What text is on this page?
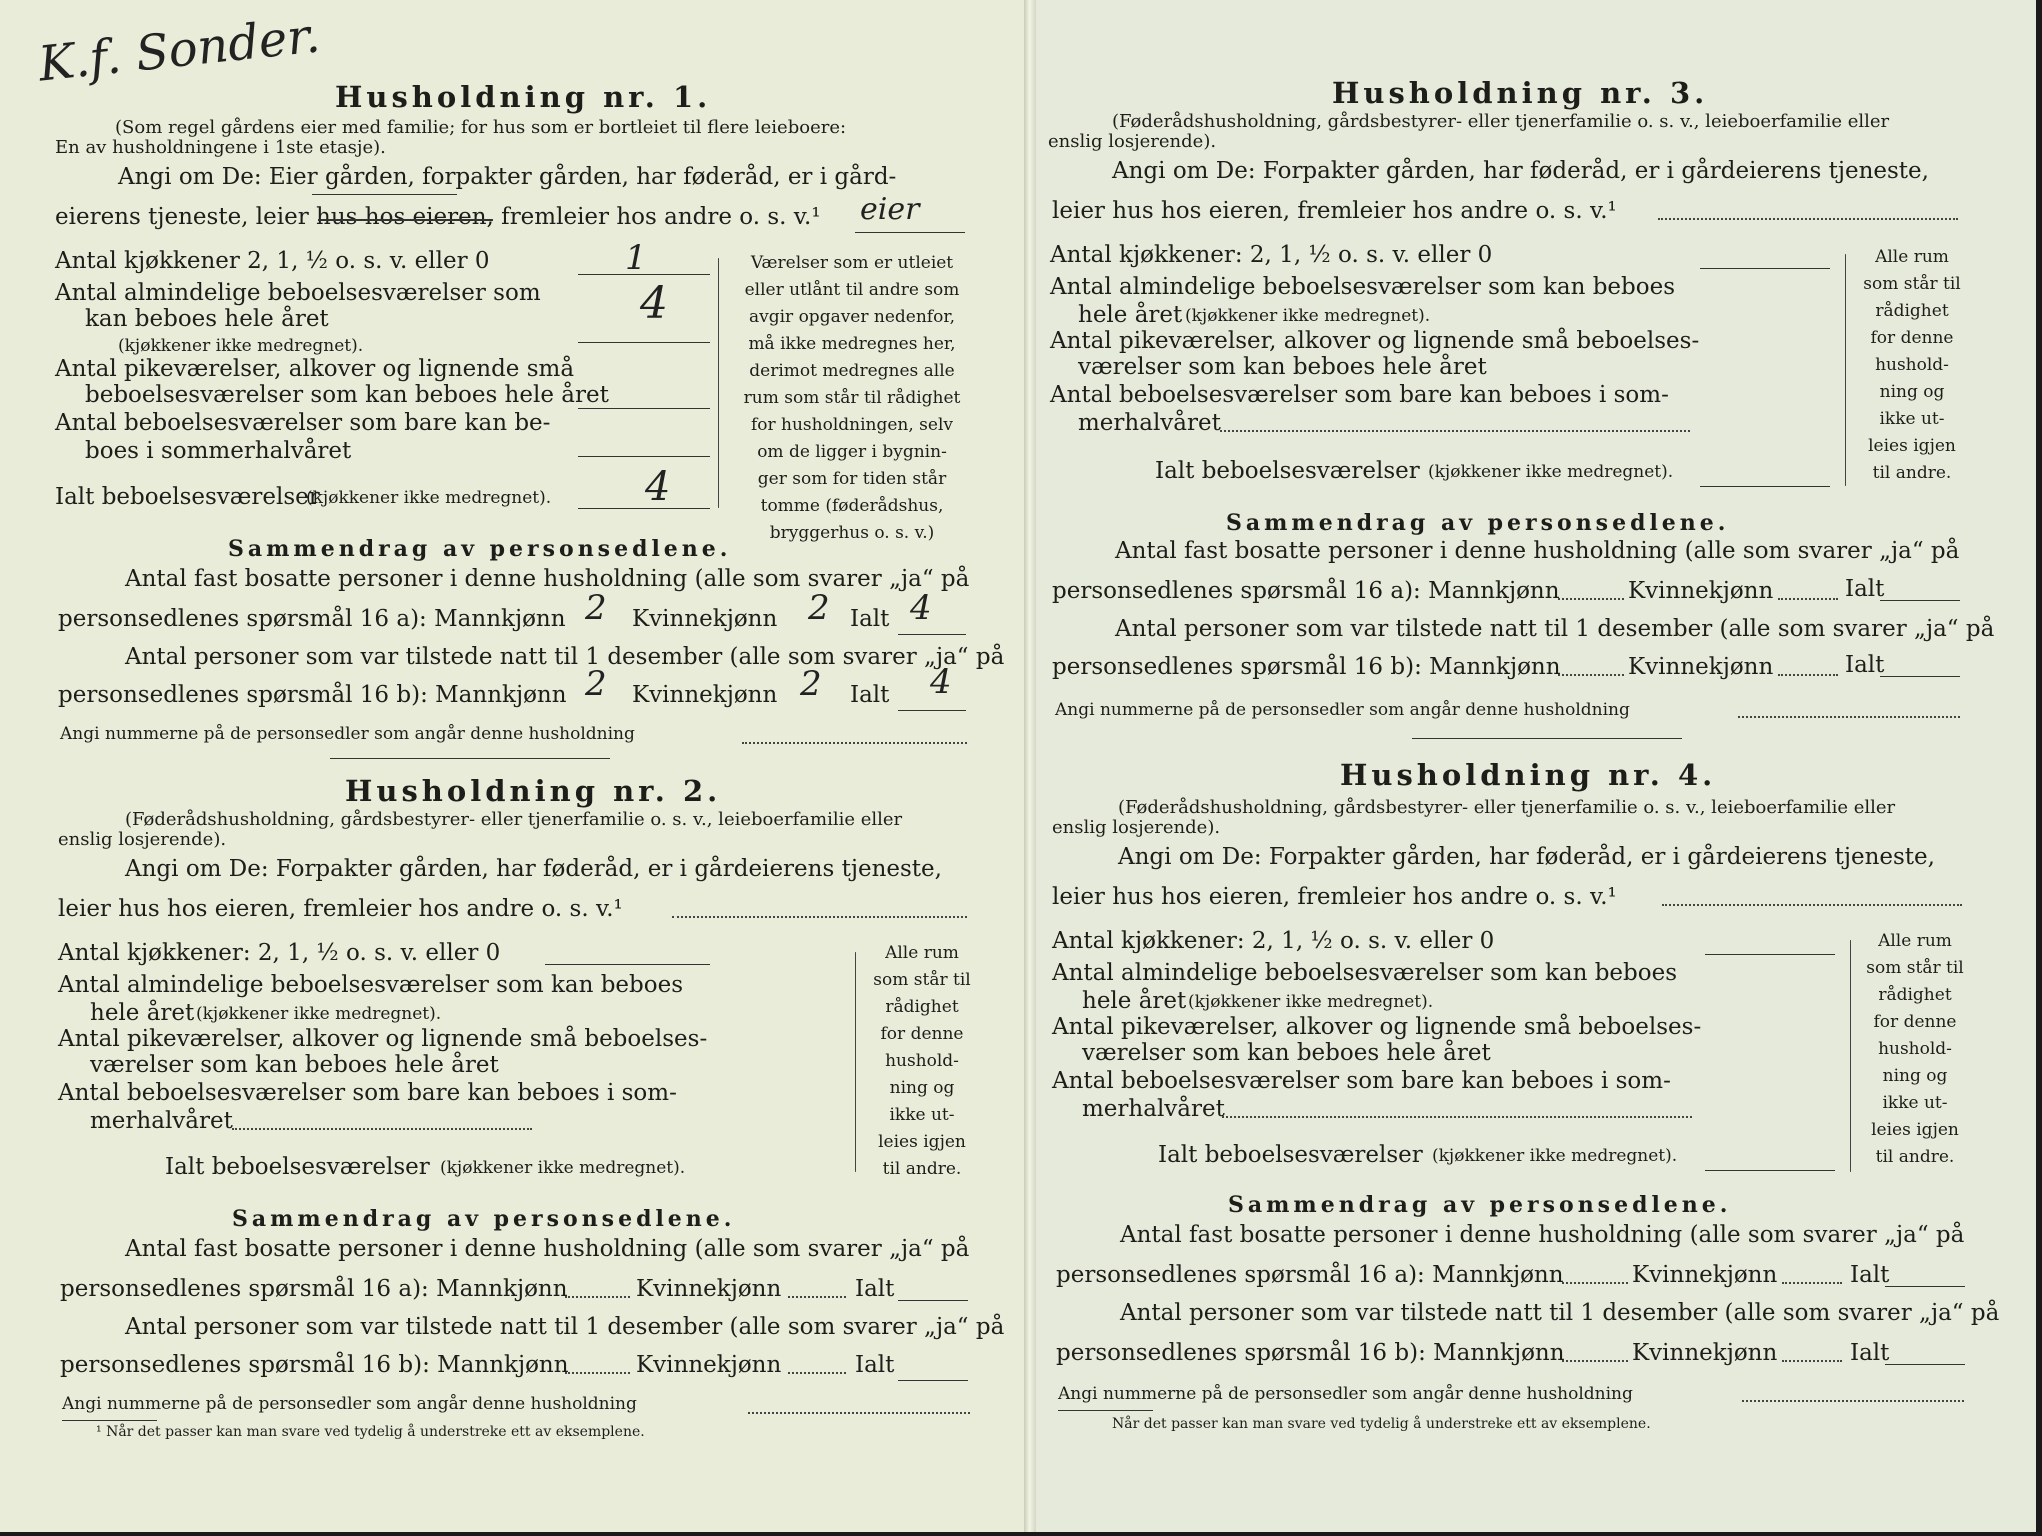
K.f. Sonder.
Husholdning nr. 1.
(Som regel gårdens eier med familie; for hus som er bortleiet til flere leieboere:
En av husholdningene i 1ste etasje).
Angi om De: Eier gården, forpakter gården, har føderåd, er i gård-
eierens tjeneste, leier hus hos eieren, fremleier hos andre o. s. v.¹ eier
Antal kjøkkener 2, 1, ½ o. s. v. eller 0	1
Antal almindelige beboelsesværelser som
kan beboes hele året	4
(kjøkkener ikke medregnet).
Antal pikeværelser, alkover og lignende små
beboelsesværelser som kan beboes hele året
Antal beboelsesværelser som bare kan be-
boes i sommerhalvåret
Ialt beboelsesværelser
(kjøkkener ikke medregnet). 4
Værelser som er utleiet
eller utlånt til andre som
avgir opgaver nedenfor,
må ikke medregnes her,
derimot medregnes alle
rum som står til rådighet
for husholdningen, selv
om de ligger i bygnin-
ger som for tiden står
tomme (føderådshus,
bryggerhus o. s. v.)
Sammendrag av personsedlene.
Antal fast bosatte personer i denne husholdning (alle som svarer „ja“ på
personsedlenes spørsmål 16 a): Mannkjønn 2 Kvinnekjønn 2 Ialt 4
Antal personer som var tilstede natt til 1 desember (alle som svarer „ja“ på
personsedlenes spørsmål 16 b): Mannkjønn 2 Kvinnekjønn 2 Ialt 4
Angi nummerne på de personsedler som angår denne husholdning
Husholdning nr. 2.
(Føderådshusholdning, gårdsbestyrer- eller tjenerfamilie o. s. v., leieboerfamilie eller
enslig losjerende).
Angi om De: Forpakter gården, har føderåd, er i gårdeierens tjeneste,
leier hus hos eieren, fremleier hos andre o. s. v.¹
Antal kjøkkener: 2, 1, ½ o. s. v. eller 0
Antal almindelige beboelsesværelser som kan beboes
hele året (kjøkkener ikke medregnet).
Antal pikeværelser, alkover og lignende små beboelses-
værelser som kan beboes hele året
Antal beboelsesværelser som bare kan beboes i som-
merhalvåret
Ialt beboelsesværelser (kjøkkener ikke medregnet).
Alle rum
som står til
rådighet
for denne
hushold-
ning og
ikke ut-
leies igjen
til andre.
Sammendrag av personsedlene.
Antal fast bosatte personer i denne husholdning (alle som svarer „ja“ på
personsedlenes spørsmål 16 a): Mannkjønn	Kvinnekjønn	Ialt
Antal personer som var tilstede natt til 1 desember (alle som svarer „ja“ på
personsedlenes spørsmål 16 b): Mannkjønn	Kvinnekjønn	Ialt
Angi nummerne på de personsedler som angår denne husholdning
¹ Når det passer kan man svare ved tydelig å understreke ett av eksemplene.
Husholdning nr. 3.
(Føderådshusholdning, gårdsbestyrer- eller tjenerfamilie o. s. v., leieboerfamilie eller
enslig losjerende).
Angi om De: Forpakter gården, har føderåd, er i gårdeierens tjeneste,
leier hus hos eieren, fremleier hos andre o. s. v.¹
Antal kjøkkener: 2, 1, ½ o. s. v. eller 0
Antal almindelige beboelsesværelser som kan beboes
hele året (kjøkkener ikke medregnet).
Antal pikeværelser, alkover og lignende små beboelses-
værelser som kan beboes hele året
Antal beboelsesværelser som bare kan beboes i som-
merhalvåret
Ialt beboelsesværelser (kjøkkener ikke medregnet).
Alle rum
som står til
rådighet
for denne
hushold-
ning og
ikke ut-
leies igjen
til andre.
Sammendrag av personsedlene.
Antal fast bosatte personer i denne husholdning (alle som svarer „ja“ på
personsedlenes spørsmål 16 a): Mannkjønn	Kvinnekjønn	Ialt
Antal personer som var tilstede natt til 1 desember (alle som svarer „ja“ på
personsedlenes spørsmål 16 b): Mannkjønn	Kvinnekjønn	Ialt
Angi nummerne på de personsedler som angår denne husholdning
Husholdning nr. 4.
(Føderådshusholdning, gårdsbestyrer- eller tjenerfamilie o. s. v., leieboerfamilie eller
enslig losjerende).
Angi om De: Forpakter gården, har føderåd, er i gårdeierens tjeneste,
leier hus hos eieren, fremleier hos andre o. s. v.¹
Antal kjøkkener: 2, 1, ½ o. s. v. eller 0
Antal almindelige beboelsesværelser som kan beboes
hele året (kjøkkener ikke medregnet).
Antal pikeværelser, alkover og lignende små beboelses-
værelser som kan beboes hele året
Antal beboelsesværelser som bare kan beboes i som-
merhalvåret
Ialt beboelsesværelser (kjøkkener ikke medregnet).
Alle rum
som står til
rådighet
for denne
hushold-
ning og
ikke ut-
leies igjen
til andre.
Sammendrag av personsedlene.
Antal fast bosatte personer i denne husholdning (alle som svarer „ja“ på
personsedlenes spørsmål 16 a): Mannkjønn	Kvinnekjønn	Ialt
Antal personer som var tilstede natt til 1 desember (alle som svarer „ja“ på
personsedlenes spørsmål 16 b): Mannkjønn	Kvinnekjønn	Ialt
Angi nummerne på de personsedler som angår denne husholdning
Når det passer kan man svare ved tydelig å understreke ett av eksemplene.
